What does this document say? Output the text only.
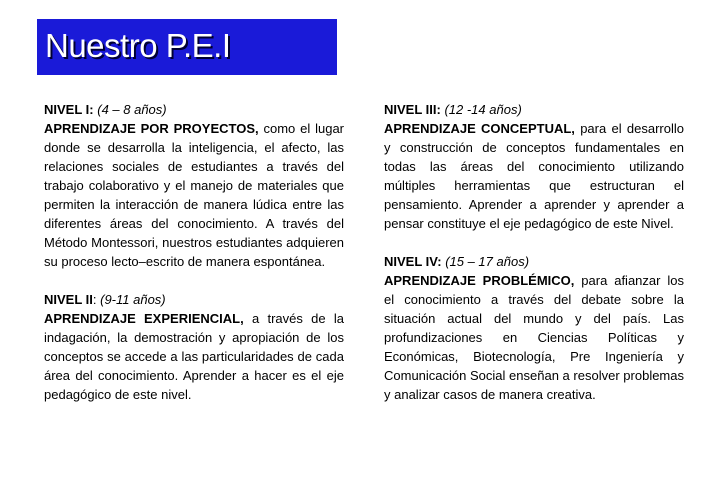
Nuestro P.E.I

NIVEL I: (4 – 8 años)

APRENDIZAJE POR PROYECTOS, como el lugar donde se desarrolla la inteligencia, el afecto, las relaciones sociales de estudiantes a través del trabajo colaborativo y el manejo de materiales que permiten la interacción de manera lúdica entre las diferentes áreas del conocimiento. A través del Método Montessori, nuestros estudiantes adquieren su proceso lecto–escrito de manera espontánea.

NIVEL II: (9-11 años)

APRENDIZAJE EXPERIENCIAL, a través de la indagación, la demostración y apropiación de los conceptos se accede a las particularidades de cada área del conocimiento. Aprender a hacer es el eje pedagógico de este nivel.

NIVEL III: (12 -14 años)

APRENDIZAJE CONCEPTUAL, para el desarrollo y construcción de conceptos fundamentales en todas las áreas del conocimiento utilizando múltiples herramientas que estructuran el pensamiento. Aprender a aprender y aprender a pensar constituye el eje pedagógico de este Nivel.

NIVEL IV: (15 – 17 años)

APRENDIZAJE PROBLÉMICO, para afianzar los el conocimiento a través del debate sobre la situación actual del mundo y del país. Las profundizaciones en Ciencias Políticas y Económicas, Biotecnología, Pre Ingeniería y Comunicación Social enseñan a resolver problemas y analizar casos de manera creativa.
